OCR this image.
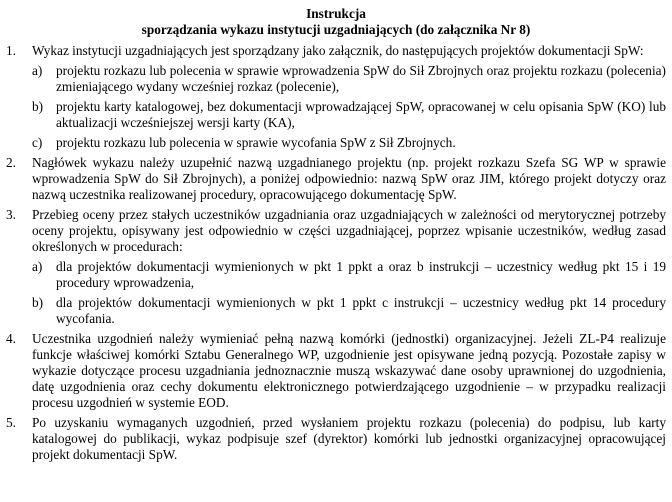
Instrukcja
sporządzania wykazu instytucji uzgadniających (do załącznika Nr 8)
1.	Wykaz instytucji uzgadniających jest sporządzany jako załącznik, do następujących projektów dokumentacji SpW:
a)	projektu rozkazu lub polecenia w sprawie wprowadzenia SpW do Sił Zbrojnych oraz projektu rozkazu (polecenia) zmieniającego wydany wcześniej rozkaz (polecenie),
b) projektu karty katalogowej, bez dokumentacji wprowadzającej SpW, opracowanej w celu opisania SpW (KO) lub aktualizacji wcześniejszej wersji karty (KA),
c)	projektu rozkazu lub polecenia w sprawie wycofania SpW z Sił Zbrojnych.
2.	Nagłówek wykazu należy uzupełnić nazwą uzgadnianego projektu (np. projekt rozkazu Szefa SG WP w sprawie wprowadzenia SpW do Sił Zbrojnych), a poniżej odpowiednio: nazwą SpW oraz JIM, którego projekt dotyczy oraz nazwą uczestnika realizowanej procedury, opracowującego dokumentację SpW.
3.	Przebieg oceny przez stałych uczestników uzgadniania oraz uzgadniających w zależności od merytorycznej potrzeby oceny projektu, opisywany jest odpowiednio w części uzgadniającej, poprzez wpisanie uczestników, według zasad określonych w procedurach:
a)	dla projektów dokumentacji wymienionych w pkt 1 ppkt a oraz b instrukcji – uczestnicy według pkt 15 i 19 procedury wprowadzenia,
b) dla projektów dokumentacji wymienionych w pkt 1 ppkt c instrukcji – uczestnicy według pkt 14 procedury wycofania.
4.	Uczestnika uzgodnień należy wymieniać pełną nazwą komórki (jednostki) organizacyjnej. Jeżeli ZL-P4 realizuje funkcje właściwej komórki Sztabu Generalnego WP, uzgodnienie jest opisywane jedną pozycją. Pozostałe zapisy w wykazie dotyczące procesu uzgadniania jednoznacznie muszą wskazywać dane osoby uprawnionej do uzgodnienia, datę uzgodnienia oraz cechy dokumentu elektronicznego potwierdzającego uzgodnienie – w przypadku realizacji procesu uzgodnień w systemie EOD.
5.	Po uzyskaniu wymaganych uzgodnień, przed wysłaniem projektu rozkazu (polecenia) do podpisu, lub karty katalogowej do publikacji, wykaz podpisuje szef (dyrektor) komórki lub jednostki organizacyjnej opracowującej projekt dokumentacji SpW.
